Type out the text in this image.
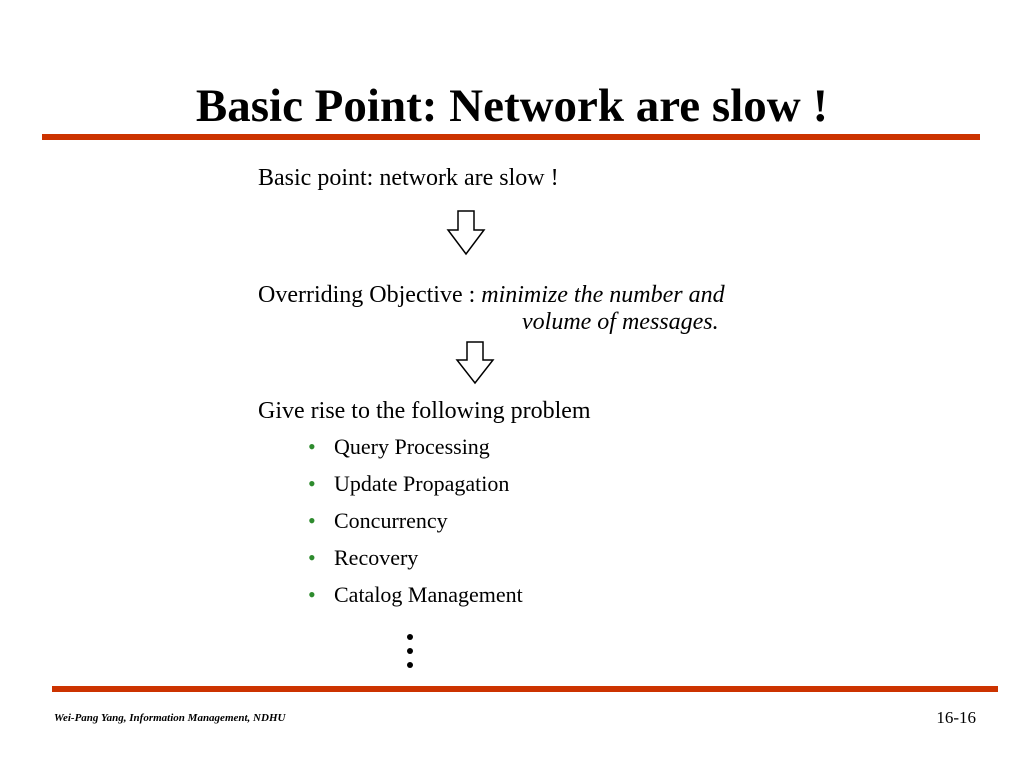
Basic Point: Network are slow !
Basic point: network are slow !
Overriding Objective : minimize the number and
volume of messages.
Give rise to the following problem
• Query Processing
• Update Propagation
• Concurrency
• Recovery
• Catalog Management
Wei-Pang Yang, Information Management, NDHU	16-16
